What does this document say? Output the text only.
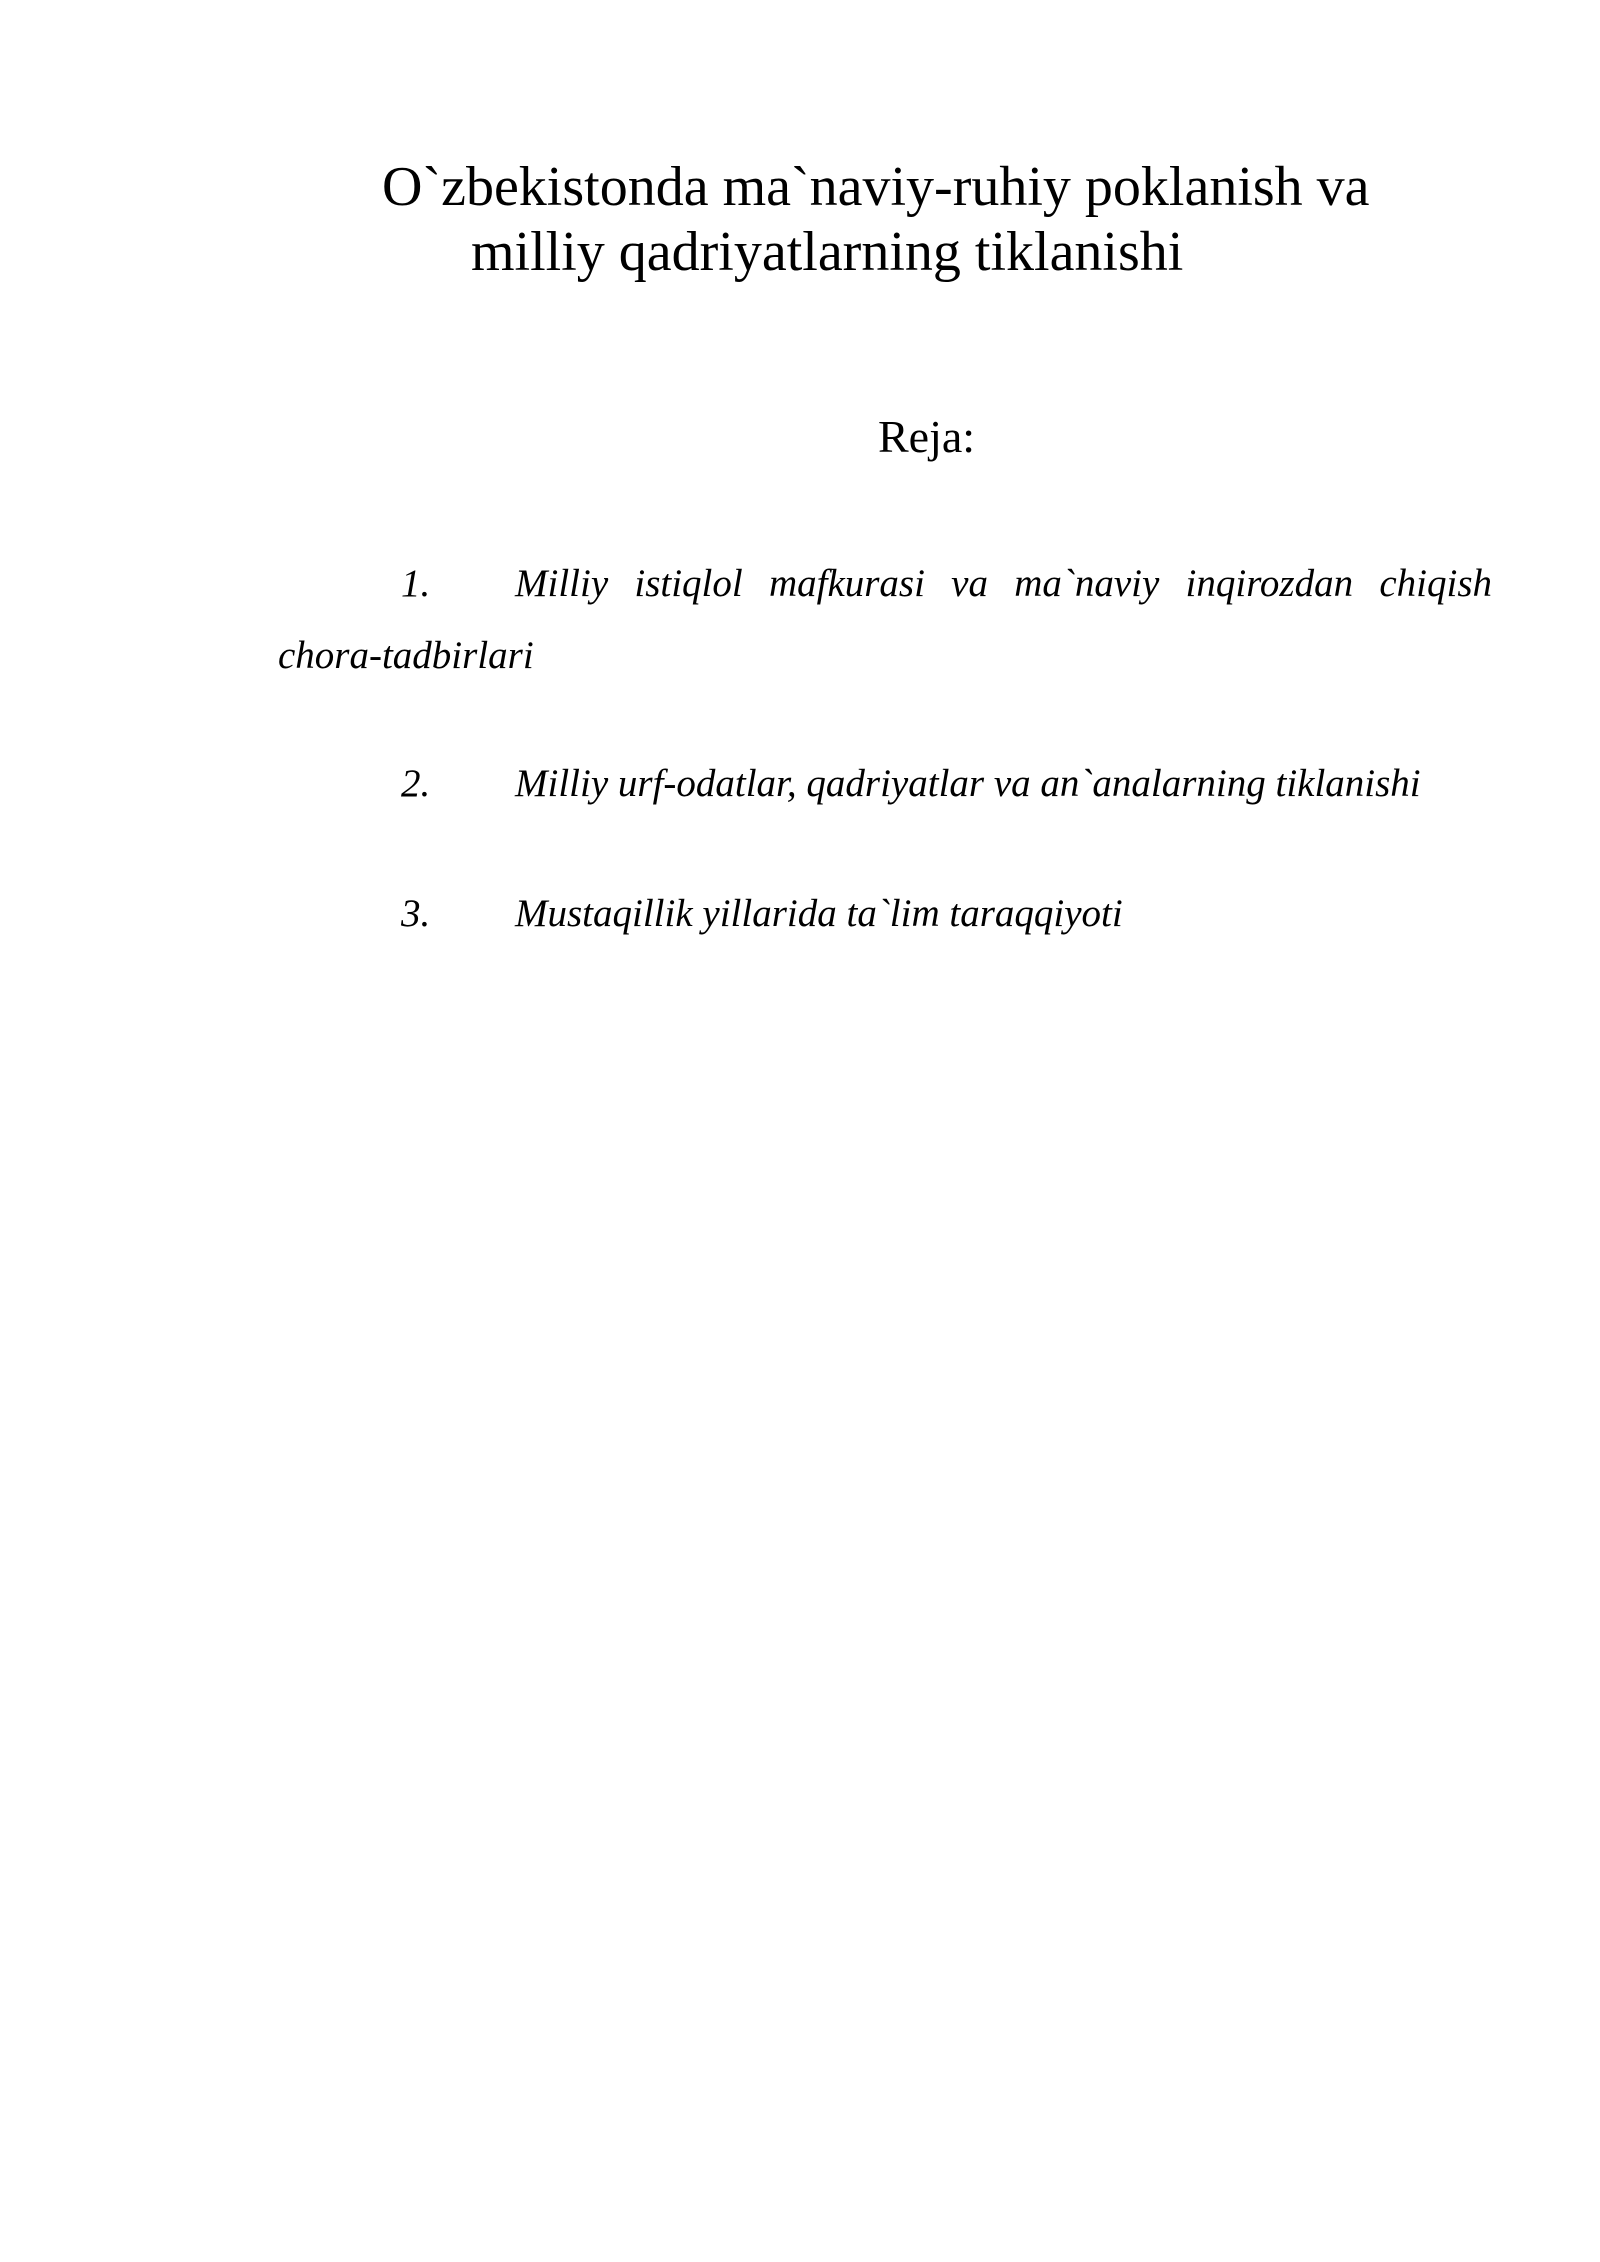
O`zbekistonda ma`naviy-ruhiy poklanish va
milliy qadriyatlarning tiklanishi
Reja:
1. Milliy istiqlol mafkurasi va ma`naviy inqirozdan chiqish chora-tadbirlari
2. Milliy urf-odatlar, qadriyatlar va an`analarning tiklanishi
3. Mustaqillik yillarida ta`lim taraqqiyoti
